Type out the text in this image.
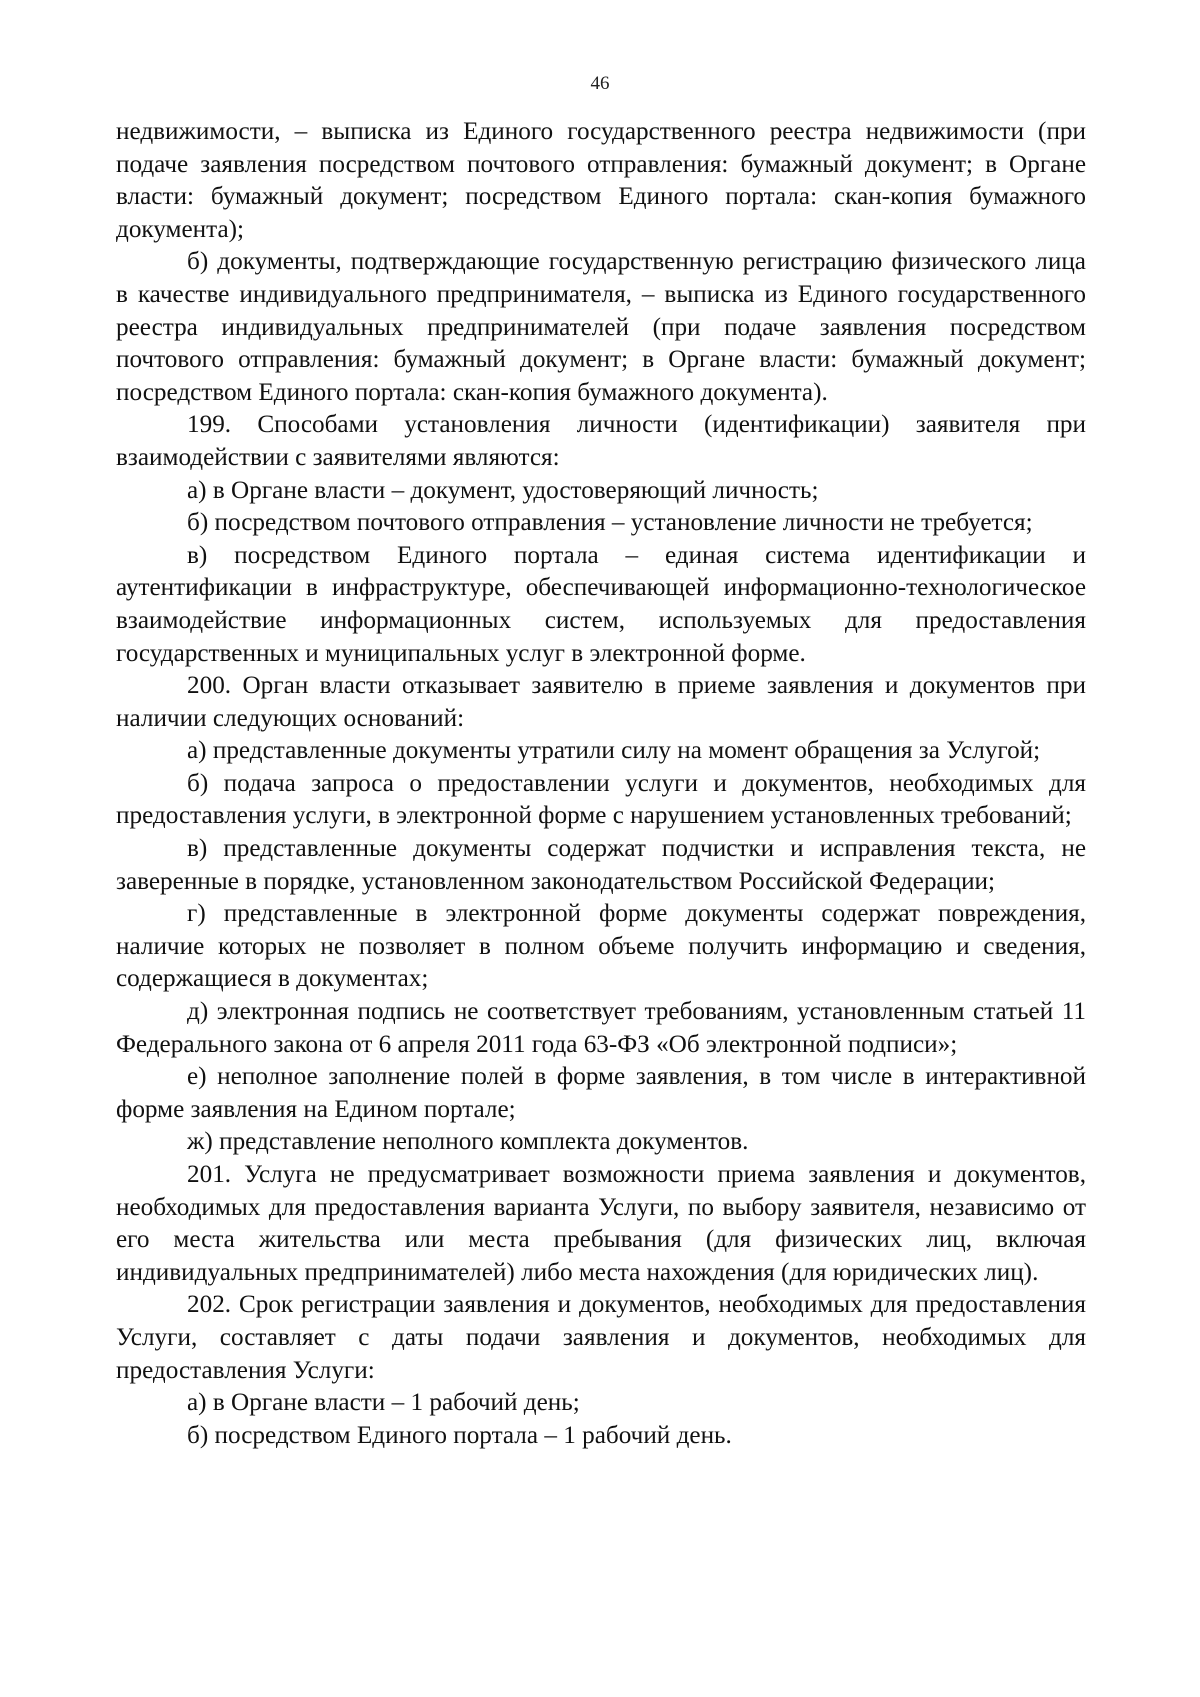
46

недвижимости, – выписка из Единого государственного реестра недвижимости (при подаче заявления посредством почтового отправления: бумажный документ; в Органе власти: бумажный документ; посредством Единого портала: скан-копия бумажного документа);

б) документы, подтверждающие государственную регистрацию физического лица в качестве индивидуального предпринимателя, – выписка из Единого государственного реестра индивидуальных предпринимателей (при подаче заявления посредством почтового отправления: бумажный документ; в Органе власти: бумажный документ; посредством Единого портала: скан-копия бумажного документа).

199. Способами установления личности (идентификации) заявителя при взаимодействии с заявителями являются:

а) в Органе власти – документ, удостоверяющий личность;

б) посредством почтового отправления – установление личности не требуется;

в) посредством Единого портала – единая система идентификации и аутентификации в инфраструктуре, обеспечивающей информационно-технологическое взаимодействие информационных систем, используемых для предоставления государственных и муниципальных услуг в электронной форме.

200. Орган власти отказывает заявителю в приеме заявления и документов при наличии следующих оснований:

а) представленные документы утратили силу на момент обращения за Услугой;

б) подача запроса о предоставлении услуги и документов, необходимых для предоставления услуги, в электронной форме с нарушением установленных требований;

в) представленные документы содержат подчистки и исправления текста, не заверенные в порядке, установленном законодательством Российской Федерации;

г) представленные в электронной форме документы содержат повреждения, наличие которых не позволяет в полном объеме получить информацию и сведения, содержащиеся в документах;

д) электронная подпись не соответствует требованиям, установленным статьей 11 Федерального закона от 6 апреля 2011 года 63-ФЗ «Об электронной подписи»;

е) неполное заполнение полей в форме заявления, в том числе в интерактивной форме заявления на Едином портале;

ж) представление неполного комплекта документов.

201. Услуга не предусматривает возможности приема заявления и документов, необходимых для предоставления варианта Услуги, по выбору заявителя, независимо от его места жительства или места пребывания (для физических лиц, включая индивидуальных предпринимателей) либо места нахождения (для юридических лиц).

202. Срок регистрации заявления и документов, необходимых для предоставления Услуги, составляет с даты подачи заявления и документов, необходимых для предоставления Услуги:

а) в Органе власти – 1 рабочий день;

б) посредством Единого портала – 1 рабочий день.
